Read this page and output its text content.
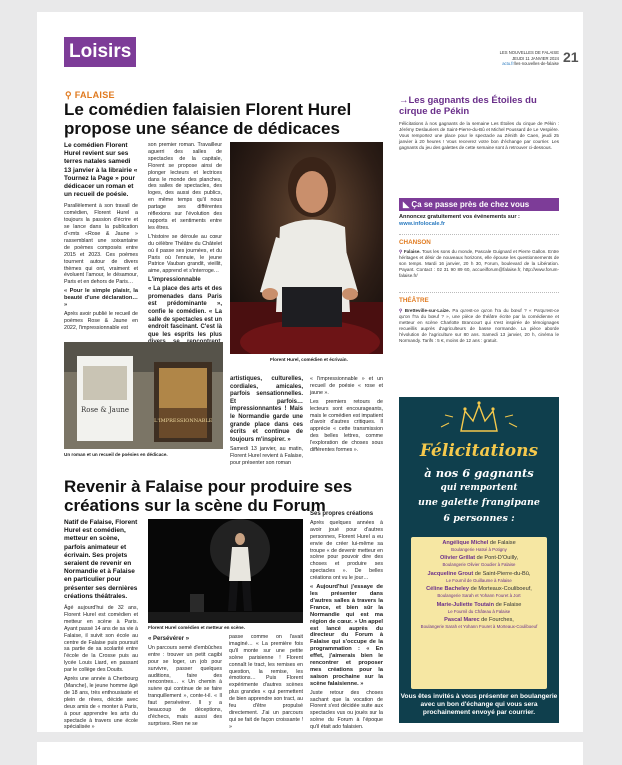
Loisirs	LES NOUVELLES DE FALAISE
JEUDI 11 JANVIER 2024
actu.fr/les-nouvelles-de-falaise 21
⚲ FALAISE
Le comédien falaisien Florent Hurel propose une séance de dédicaces

Le comédien Florent Hurel revient sur ses terres natales samedi 13 janvier à la librairie « Tournez la Page » pour dédicacer un roman et un recueil de poésie.

Parallèlement à son travail de comédien, Florent Hurel a toujours la passion d'écrire et se lance dans la publication d'«mts «Rose & Jaune » rassemblant une soixantaine de poèmes composés entre 2015 et 2023. Ces poèmes tournent autour de divers thèmes qui ont, vraiment et évoluent l'amour, le désamour, Paris et en dehors de Paris…

« Pour le simple plaisir, la beauté d'une déclaration… »

Après avoir publié le recueil de poèmes Rose & Jaune en 2022, l'impressionnable est

son premier roman. Travailleur aguerri des salles de spectacles de la capitale, Florent se propose ainsi de plonger lecteurs et lectrices dans le monde des planches, des salles de spectacles, des loges, des aussi des publics, en même temps qu'il nous partage ses différentes réflexions sur l'évolution des rapports et sentiments entre les êtres.

L'histoire se déroule au cœur du célèbre Théâtre du Châtelet où il passe ses journées, et du Paris où l'ennuie, le jeune Patrice Vauban grandit, vieillit, aime, apprend et s'interroge…

L'impressionnable

« La place des arts et des promenades dans Paris est prédominante », confie le comédien. « La salle de spectacles est un endroit fascinant. C'est là que les esprits les plus

Florent Hurel, comédien et écrivain.
Rose & Jaune
L'IMPRESSIONNABLE
Un roman et un recueil de poésies en dédicace.

artistiques, culturelles, cordiales, amicales, parfois sensationnelles. Et parfois… impressionnantes ! Mais le Normandie garde une grande place dans ces écrits et continue de toujours m'inspirer. »

Samedi 13 janvier, au matin, Florent Hurel revient à Falaise, pour présenter son roman

« l'impressionnable » et un recueil de poésie « rose et jaune ».

Les premiers retours de lecteurs sont encourageants, mais le comédien est impatient d'avoir d'autres critiques. Il apprécie « cette transmission des belles lettres, comme l'exploration de choses sous différentes formes ».

Revenir à Falaise pour produire ses créations sur la scène du Forum

Natif de Falaise, Florent Hurel est comédien, metteur en scène, parfois animateur et écrivain. Ses projets seraient de revenir en Normandie et à Falaise en particulier pour présenter ses dernières créations théâtrales.

Âgé aujourd'hui de 32 ans, Florent Hurel est comédien et metteur en scène à Paris. Ayant passé 14 ans de sa vie à Falaise, il suivit son école au centre de Falaise puis poursuit sa partie de sa scolarité entre l'école de la Crosse puis au lycée Louis Liard, en passant par le collège des Douits.

Après une année à Cherbourg (Manche), le jeune homme âgé de 18 ans, très enthousiaste et plein de rêves, décide avec deux amis de « monter à Paris, à pour apprendre les arts du spectacle à travers une école spécialisée »

Florent Hurel comédien et metteur en scène.

« Persévérer »

Un parcours semé d'embûches entre : trouver un petit cagibi pour se loger, un job pour survivre, passer quelques auditions, faire des rencontres… « Un chemin à suivre qui continue de se faire tranquillement », conte-t-il. « Il faut persévérer. Il y a beaucoup de déceptions, d'échecs, mais aussi des surprises. Rien ne se

passe comme on l'avait imaginé… « La première fois qu'il monte sur une petite scène parisienne ! Florent connaît le tract, les remises en question, la remise, les émotions… Puis Florent expérimente d'autres scènes plus grandes « qui permettent de bien apprendre son tract, au feu d'être propulsé directement. J'ai un parcours qui se fait de façon croissante ! »

Ses propres créations

Après quelques années à avoir joué pour d'autres personnes, Florent Hurel a eu envie de créer lui-même sa troupe « de devenir metteur en scène pour pouvoir dire des choses et produire ses spectacles ». De belles créations ont vu le jour…

« Aujourd'hui j'essaye de les présenter dans d'autres salles à travers la France, et bien sûr la Normandie qui est ma région de cœur. » Un appel est lancé auprès du directeur du Forum à Falaise qui s'occupe de la programmation : « En effet, j'aimerais bien le rencontrer et proposer mes créations pour la saison prochaine sur la scène falaisienne. »

Juste retour des choses sachant que la vocation de Florent s'est décidée suite aux spectacles vus ou joués sur la scène du Forum à l'époque qu'il était ado falaisien.

→Les gagnants des Étoiles du cirque de Pékin
Félicitations à nos gagnants de la semaine Les Étoiles du cirque de Pékin : Jérémy Deslauriers de Saint-Pierre-du-Bû et Michel Poussard de Le Vespière. Vous remportez une place pour le spectacle au Zénith de Caen, jeudi 25 janvier à 20 heures ! Vous recevrez votre bon d'échange par courrier. Les gagnants du jeu des galettes de cette semaine sont à retrouver ci-dessous.
◣ Ça se passe près de chez vous
Annoncez gratuitement vos événements sur :
www.infolocale.fr
CHANSON
⚲ Falaise. Tous les sons du monde, Pascale Guignard et Pierre Gallon. Entre héritages et désir de nouveaux horizons, elle épouse les questionnements de son temps. Mardi 16 janvier, 20 h 30, Forum, boulevard de la Libération. Payant. Contact : 02 31 90 89 60, accueilforum@falaise.fr, http://www.forum-falaise.fr/
THÉÂTRE
⚲ Bretteville-sur-Laize. Pa qu'est-ce qu'on f'ra du bœuf ? « Pa'qu'est-ce qu'on f'ra du bœuf ? », une pièce de théâtre écrite par la comédienne et metteur en scène Charlotte Brancourt qui s'est inspirée de témoignages recueillis auprès d'agriculteurs de basse normande. La pièce aborde l'évolution de l'agriculture sur 80 ans. Samedi 13 janvier, 20 h, cinéma le Normandy. Tarifs : 5 €, moins de 12 ans : gratuit.
Félicitations
à nos 6 gagnants
qui remportent
une galette frangipane
6 personnes :
Angélique Michel de Falaise
Boulangerie Hatsé à Potigny
Olivier Grillat de Pont-D'Ouilly,
Boulangerie Olivier Goudier à Falaise
Jacqueline Grout de Saint-Pierre-du-Bû,
Le Fournil de Guillaume à Falaise
Céline Bacheley de Morteaux-Couliboeuf,
Boulangerie Sarah et Yohann Fouret à Jort
Marie-Juliette Toutain de Falaise
Le Fournil du Château à Falaise
Pascal Marec de Fourches,
Boulangerie Sarah et Yohann Fouret à Morteaux-Couliboeuf
Vous êtes invités à vous présenter en boulangerie avec un bon d'échange qui vous sera prochainement envoyé par courrier.
